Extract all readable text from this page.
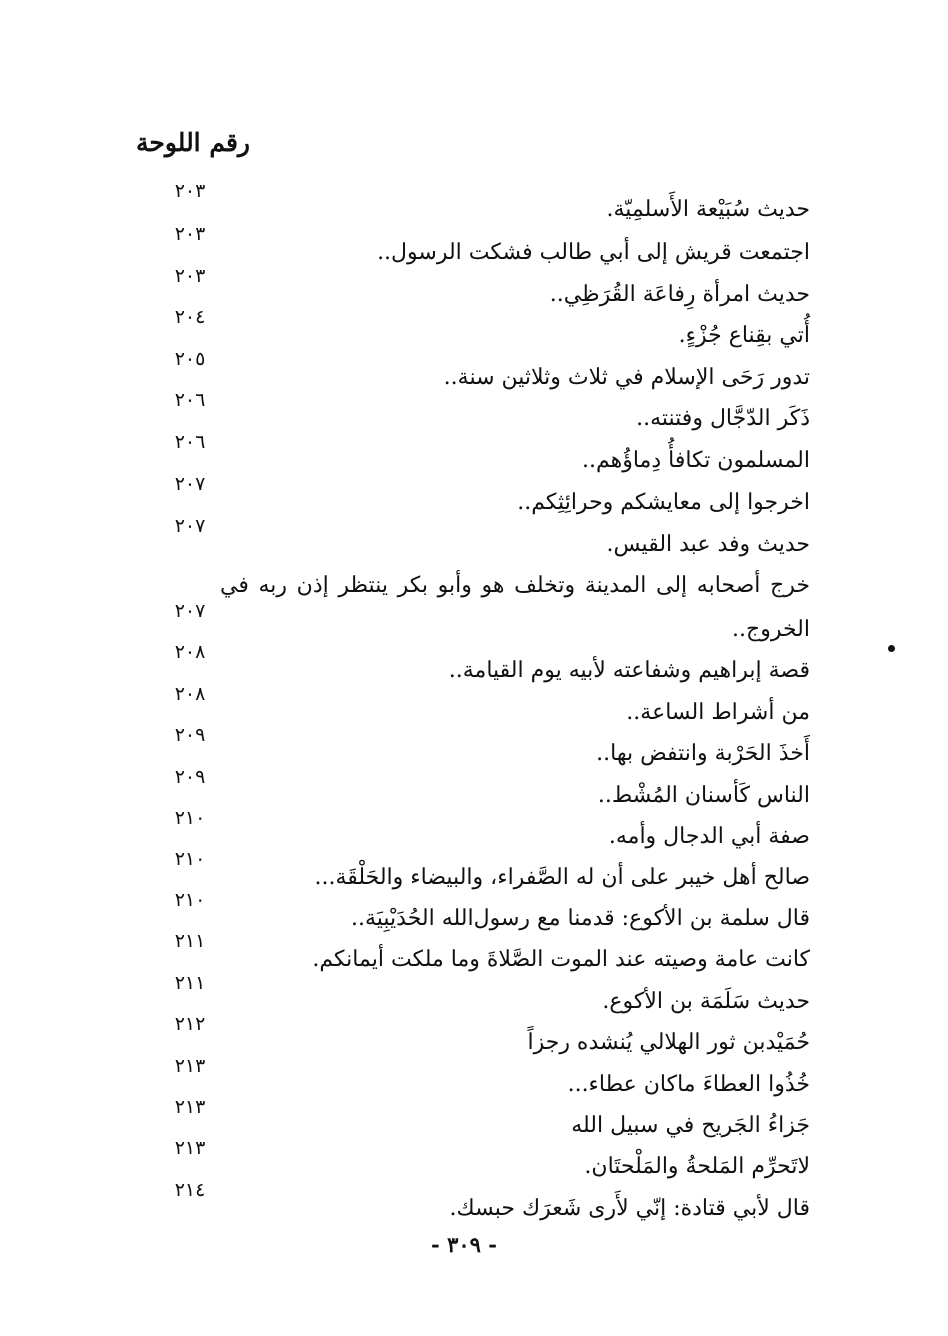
رقم اللوحة
حديث سُبَيْعة الأَسلمِيّة.
٢٠٣
اجتمعت قريش إلى أبي طالب فشكت الرسول..
٢٠٣
حديث امرأة رِفاعَة القُرَظِي..
٢٠٣
أُتي بقِناع جُزْءٍ.
٢٠٤
تدور رَحَى الإسلام في ثلاث وثلاثين سنة..
٢٠٥
ذَكَر الدّجَّال وفتنته..
٢٠٦
المسلمون تكافأُ دِماؤُهم..
٢٠٦
اخرجوا إلى معايشكم وحرائِثِكم..
٢٠٧
حديث وفد عبد القيس.
٢٠٧
خرج أصحابه إلى المدينة وتخلف هو وأبو بكر ينتظر إذن ربه في
الخروج..
٢٠٧
قصة إبراهيم وشفاعته لأبيه يوم القيامة..
٢٠٨
من أشراط الساعة..
٢٠٨
أَخذَ الحَرْبة وانتفض بها..
٢٠٩
الناس كَأسنان المُشْط..
٢٠٩
صفة أبي الدجال وأمه.
٢١٠
صالح أهل خيبر على أن له الصَّفراء، والبيضاء والحَلْقَة...
٢١٠
قال سلمة بن الأكوع: قدمنا مع رسول‌الله الحُدَيْبِيَة..
٢١٠
كانت عامة وصيته عند الموت الصَّلاةَ وما ملكت أيمانكم.
٢١١
حديث سَلَمَة بن الأكوع.
٢١١
حُمَيْدبن ثور الهلالي يُنشده رجزاً
٢١٢
خُذُوا العطاءَ ماكان عطاء...
٢١٣
جَزاءُ الجَريح في سبيل الله
٢١٣
لاتَحرِّم المَلحةُ والمَلْحتَان.
٢١٣
قال لأبي قتادة: إنّي لأَرى شَعرَك حبسك.
٢١٤
- ٣٠٩ -
